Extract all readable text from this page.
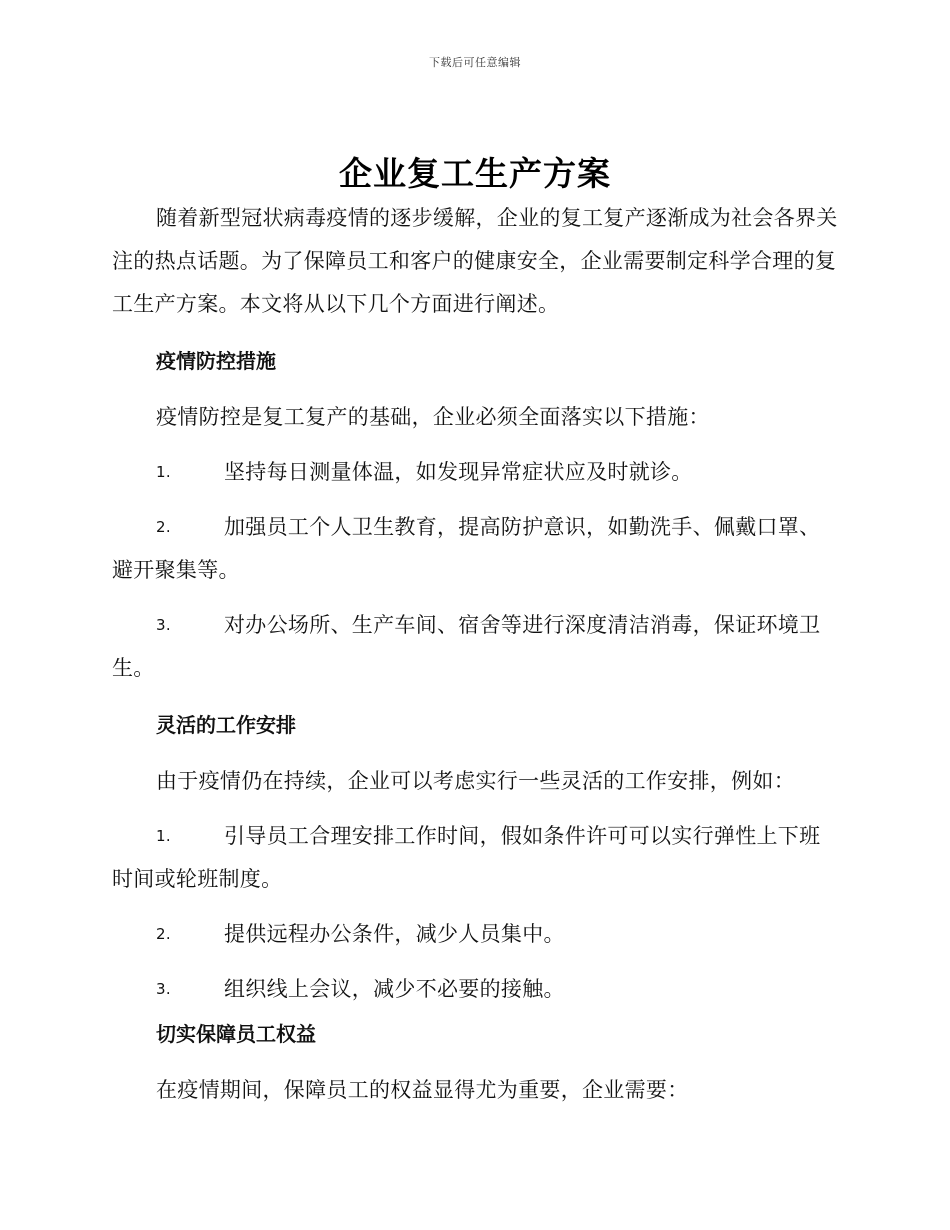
下载后可任意编辑
企业复工生产方案

随着新型冠状病毒疫情的逐步缓解，企业的复工复产逐渐成为社会各界关注的热点话题。为了保障员工和客户的健康安全，企业需要制定科学合理的复工生产方案。本文将从以下几个方面进行阐述。

疫情防控措施

疫情防控是复工复产的基础，企业必须全面落实以下措施：

1.	坚持每日测量体温，如发现异常症状应及时就诊。

2.	加强员工个人卫生教育，提高防护意识，如勤洗手、佩戴口罩、避开聚集等。

3.	对办公场所、生产车间、宿舍等进行深度清洁消毒，保证环境卫生。

灵活的工作安排

由于疫情仍在持续，企业可以考虑实行一些灵活的工作安排，例如：

1.	引导员工合理安排工作时间，假如条件许可可以实行弹性上下班时间或轮班制度。

2.	提供远程办公条件，减少人员集中。

3.	组织线上会议，减少不必要的接触。

切实保障员工权益

在疫情期间，保障员工的权益显得尤为重要，企业需要：
